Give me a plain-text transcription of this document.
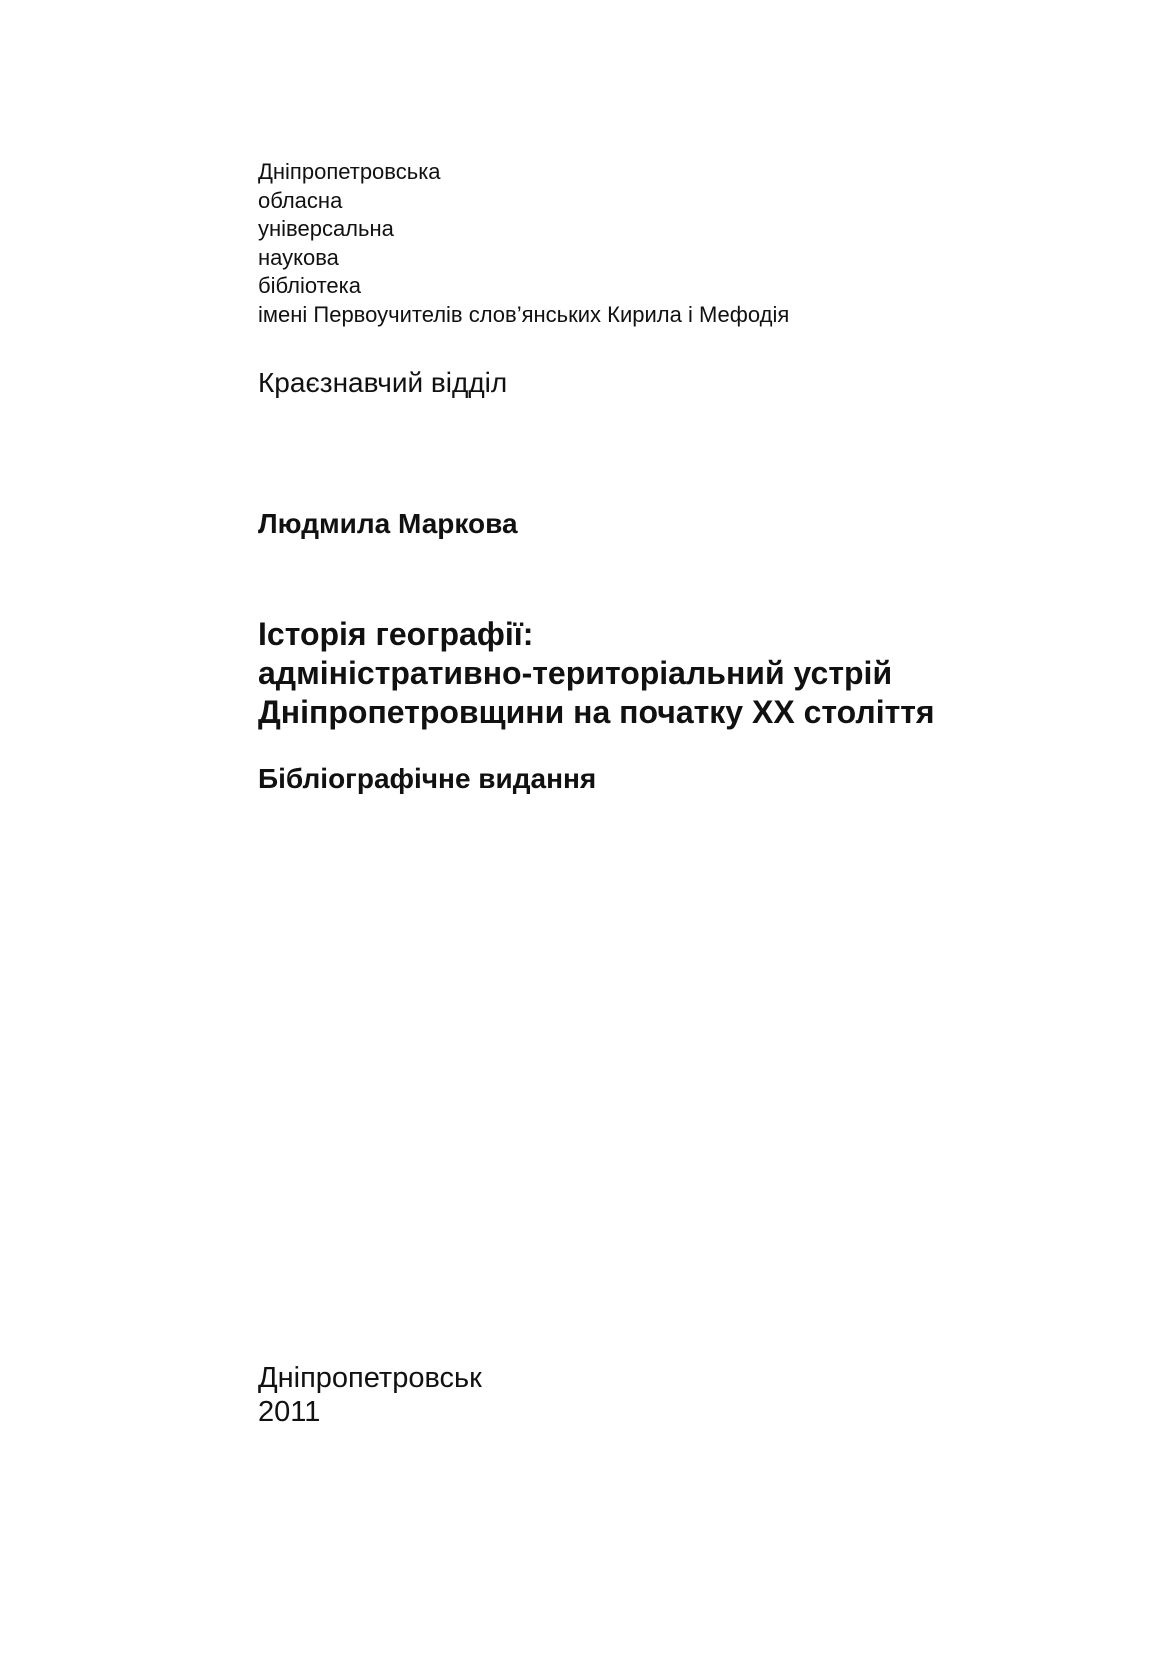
Дніпропетровська
обласна
універсальна
наукова
бібліотека
імені Первоучителів слов’янських Кирила і Мефодія
Краєзнавчий відділ
Людмила Маркова
Історія географії:
адміністративно-територіальний устрій
Дніпропетровщини на початку ХХ століття
Бібліографічне видання
Дніпропетровськ
2011
